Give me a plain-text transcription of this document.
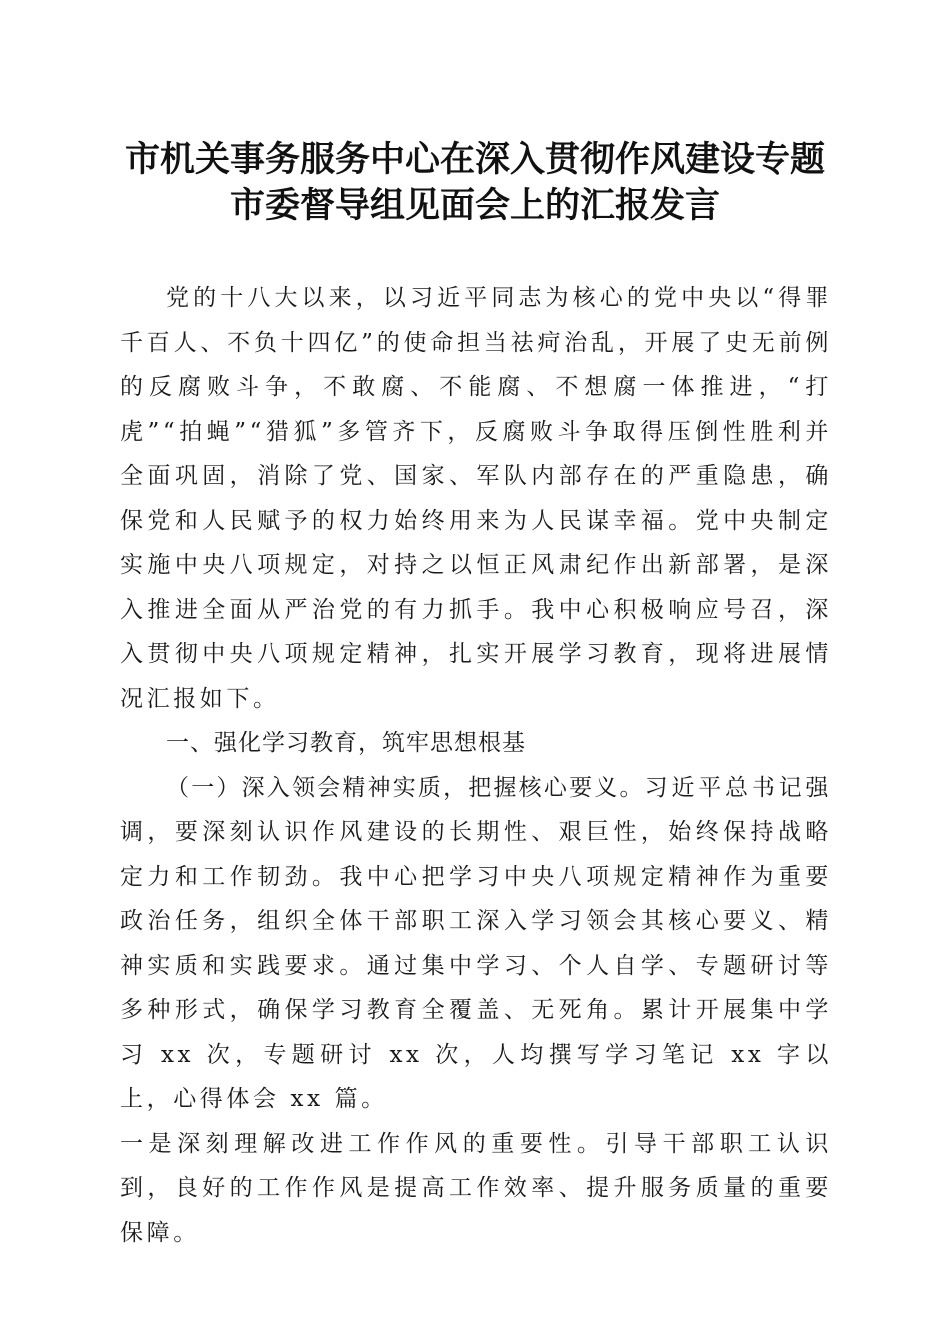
市机关事务服务中心在深入贯彻作风建设专题
市委督导组见面会上的汇报发言

党的十八大以来，以习近平同志为核心的党中央以“得罪千百人、不负十四亿”的使命担当祛疴治乱，开展了史无前例的反腐败斗争，不敢腐、不能腐、不想腐一体推进，“打虎”“拍蝇”“猎狐”多管齐下，反腐败斗争取得压倒性胜利并全面巩固，消除了党、国家、军队内部存在的严重隐患，确保党和人民赋予的权力始终用来为人民谋幸福。党中央制定实施中央八项规定，对持之以恒正风肃纪作出新部署，是深入推进全面从严治党的有力抓手。我中心积极响应号召，深入贯彻中央八项规定精神，扎实开展学习教育，现将进展情况汇报如下。

一、强化学习教育，筑牢思想根基

（一）深入领会精神实质，把握核心要义。习近平总书记强调，要深刻认识作风建设的长期性、艰巨性，始终保持战略定力和工作韧劲。我中心把学习中央八项规定精神作为重要政治任务，组织全体干部职工深入学习领会其核心要义、精神实质和实践要求。通过集中学习、个人自学、专题研讨等多种形式，确保学习教育全覆盖、无死角。累计开展集中学习 xx 次，专题研讨 xx 次，人均撰写学习笔记 xx 字以上，心得体会 xx 篇。

一是深刻理解改进工作作风的重要性。引导干部职工认识到，良好的工作作风是提高工作效率、提升服务质量的重要保障。
